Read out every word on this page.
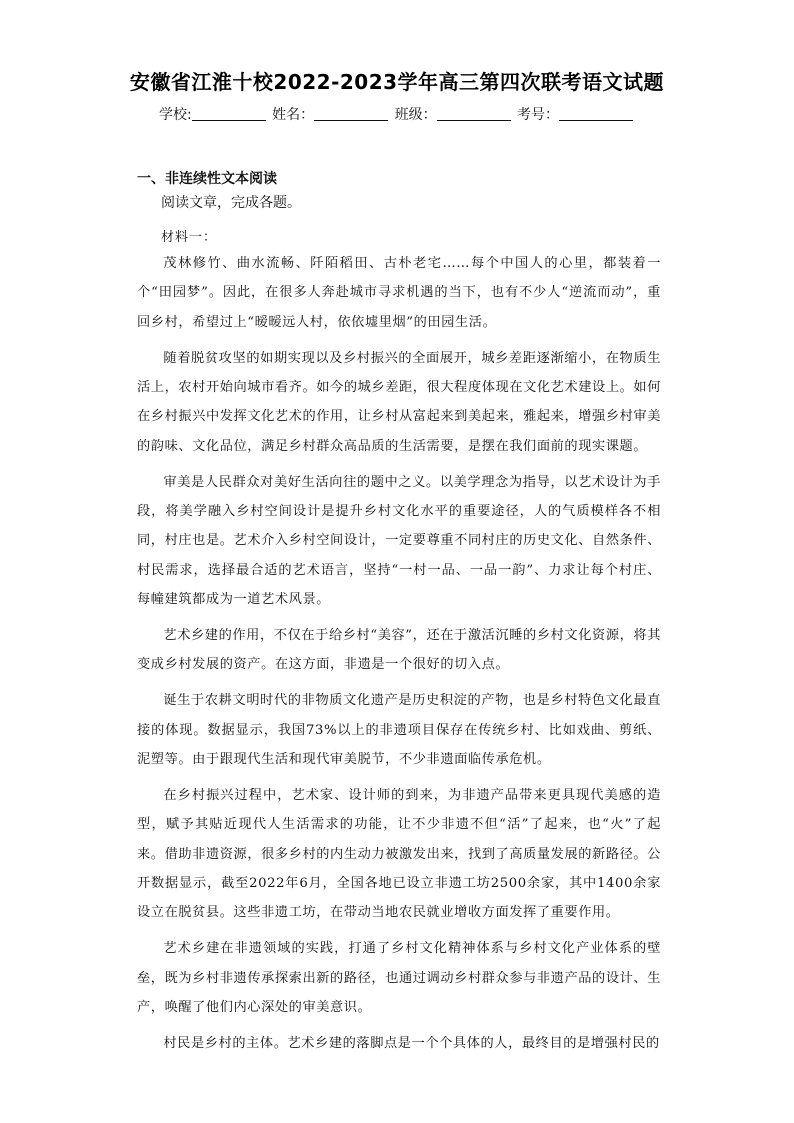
安徽省江淮十校2022-2023学年高三第四次联考语文试题
学校:	姓名：	班级：	考号：
一、非连续性文本阅读
阅读文章，完成各题。
材料一：

茂林修竹、曲水流畅、阡陌稻田、古朴老宅……每个中国人的心里，都装着一个“田园梦”。因此，在很多人奔赴城市寻求机遇的当下，也有不少人“逆流而动”，重回乡村，希望过上“暧暧远人村，依依墟里烟”的田园生活。

随着脱贫攻坚的如期实现以及乡村振兴的全面展开，城乡差距逐渐缩小，在物质生活上，农村开始向城市看齐。如今的城乡差距，很大程度体现在文化艺术建设上。如何在乡村振兴中发挥文化艺术的作用，让乡村从富起来到美起来，雅起来，增强乡村审美的韵味、文化品位，满足乡村群众高品质的生活需要，是摆在我们面前的现实课题。

审美是人民群众对美好生活向往的题中之义。以美学理念为指导，以艺术设计为手段，将美学融入乡村空间设计是提升乡村文化水平的重要途径，人的气质模样各不相同，村庄也是。艺术介入乡村空间设计，一定要尊重不同村庄的历史文化、自然条件、村民需求，选择最合适的艺术语言，坚持“一村一品、一品一韵”、力求让每个村庄、每幢建筑都成为一道艺术风景。

艺术乡建的作用，不仅在于给乡村“美容”，还在于激活沉睡的乡村文化资源，将其变成乡村发展的资产。在这方面，非遗是一个很好的切入点。

诞生于农耕文明时代的非物质文化遗产是历史积淀的产物，也是乡村特色文化最直接的体现。数据显示，我国73%以上的非遗项目保存在传统乡村、比如戏曲、剪纸、泥塑等。由于跟现代生活和现代审美脱节，不少非遗面临传承危机。

在乡村振兴过程中，艺术家、设计师的到来，为非遗产品带来更具现代美感的造型，赋予其贴近现代人生活需求的功能，让不少非遗不但“活”了起来，也“火”了起来。借助非遗资源，很多乡村的内生动力被激发出来，找到了高质量发展的新路径。公开数据显示，截至2022年6月，全国各地已设立非遗工坊2500余家，其中1400余家设立在脱贫县。这些非遗工坊，在带动当地农民就业增收方面发挥了重要作用。

艺术乡建在非遗领域的实践，打通了乡村文化精神体系与乡村文化产业体系的壁垒，既为乡村非遗传承探索出新的路径，也通过调动乡村群众参与非遗产品的设计、生产，唤醒了他们内心深处的审美意识。

村民是乡村的主体。艺术乡建的落脚点是一个个具体的人，最终目的是增强村民的
